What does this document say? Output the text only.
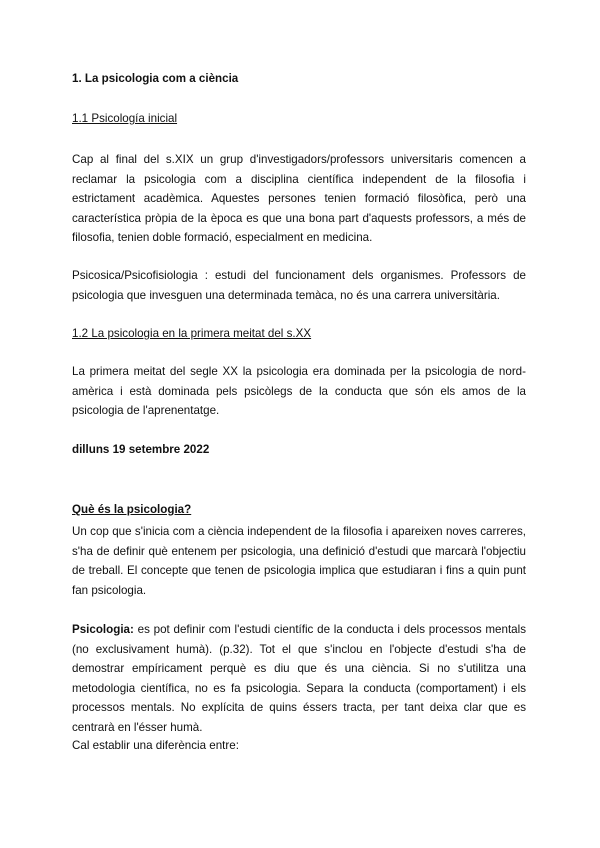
1. La psicologia com a ciència

1.1 Psicología inicial

Cap al final del s.XIX un grup d'investigadors/professors universitaris comencen a reclamar la psicologia com a disciplina científica independent de la filosofia i estrictament acadèmica. Aquestes persones tenien formació filosòfica, però una característica pròpia de la època es que una bona part d'aquests professors, a més de filosofia, tenien doble formació, especialment en medicina.

Psicosica/Psicofisiologia : estudi del funcionament dels organismes. Professors de psicologia que invesguen una determinada temàca, no és una carrera universitària.

1.2 La psicologia en la primera meitat del s.XX

La primera meitat del segle XX la psicologia era dominada per la psicologia de nord-amèrica i està dominada pels psicòlegs de la conducta que són els amos de la psicologia de l'aprenentatge.

dilluns 19 setembre 2022

Què és la psicologia?

Un cop que s'inicia com a ciència independent de la filosofia i apareixen noves carreres, s'ha de definir què entenem per psicologia, una definició d'estudi que marcarà l'objectiu de treball. El concepte que tenen de psicologia implica que estudiaran i fins a quin punt fan psicologia.

Psicologia: es pot definir com l'estudi científic de la conducta i dels processos mentals (no exclusivament humà). (p.32). Tot el que s'inclou en l'objecte d'estudi s'ha de demostrar empíricament perquè es diu que és una ciència. Si no s'utilitza una metodologia científica, no es fa psicologia. Separa la conducta (comportament) i els processos mentals. No explícita de quins éssers tracta, per tant deixa clar que es centrarà en l'ésser humà.

Cal establir una diferència entre:
